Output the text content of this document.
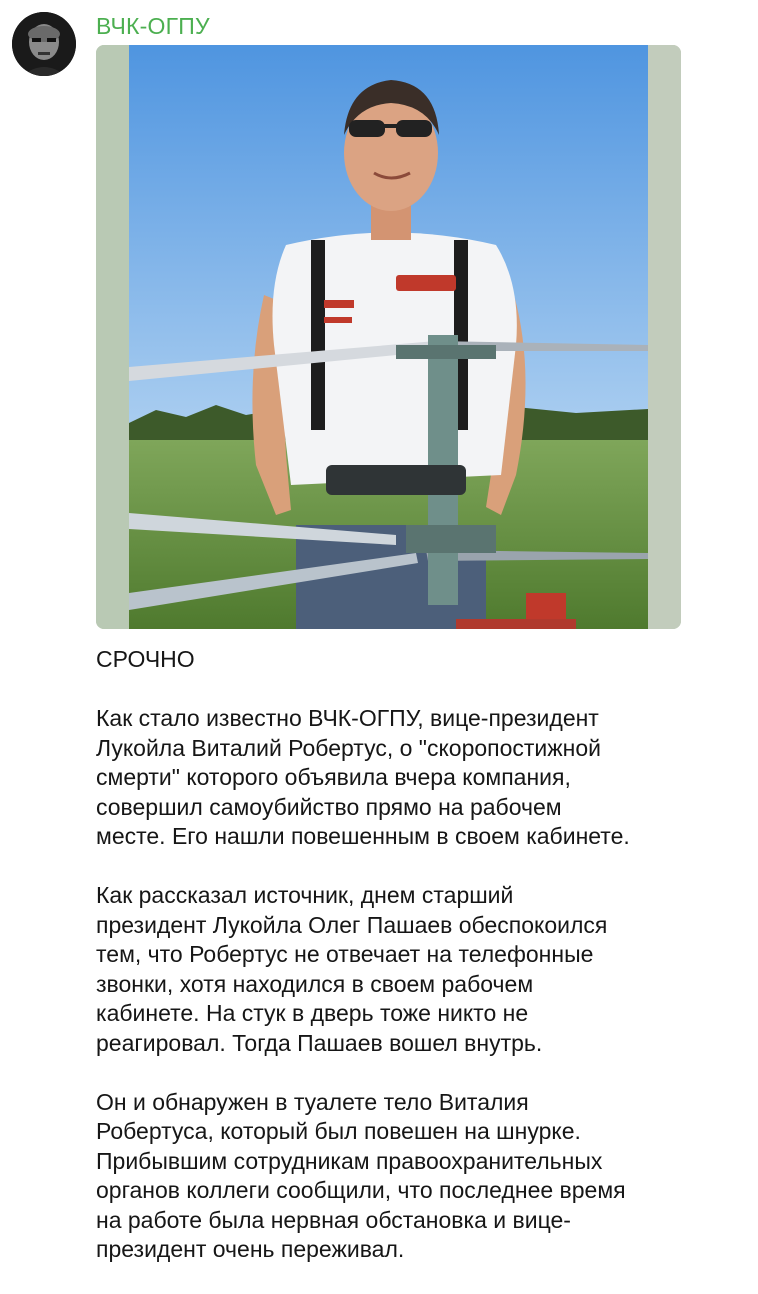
ВЧК-ОГПУ

СРОЧНО

Как стало известно ВЧК-ОГПУ, вице-президент
Лукойла Виталий Робертус, о "скоропостижной
смерти" которого объявила вчера компания,
совершил самоубийство прямо на рабочем
месте. Его нашли повешенным в своем кабинете.

Как рассказал источник, днем старший
президент Лукойла Олег Пашаев обеспокоился
тем, что Робертус не отвечает на телефонные
звонки, хотя находился в своем рабочем
кабинете. На стук в дверь тоже никто не
реагировал. Тогда Пашаев вошел внутрь.

Он и обнаружен в туалете тело Виталия
Робертуса, который был повешен на шнурке.
Прибывшим сотрудникам правоохранительных
органов коллеги сообщили, что последнее время
на работе была нервная обстановка и вице-
президент очень переживал.
